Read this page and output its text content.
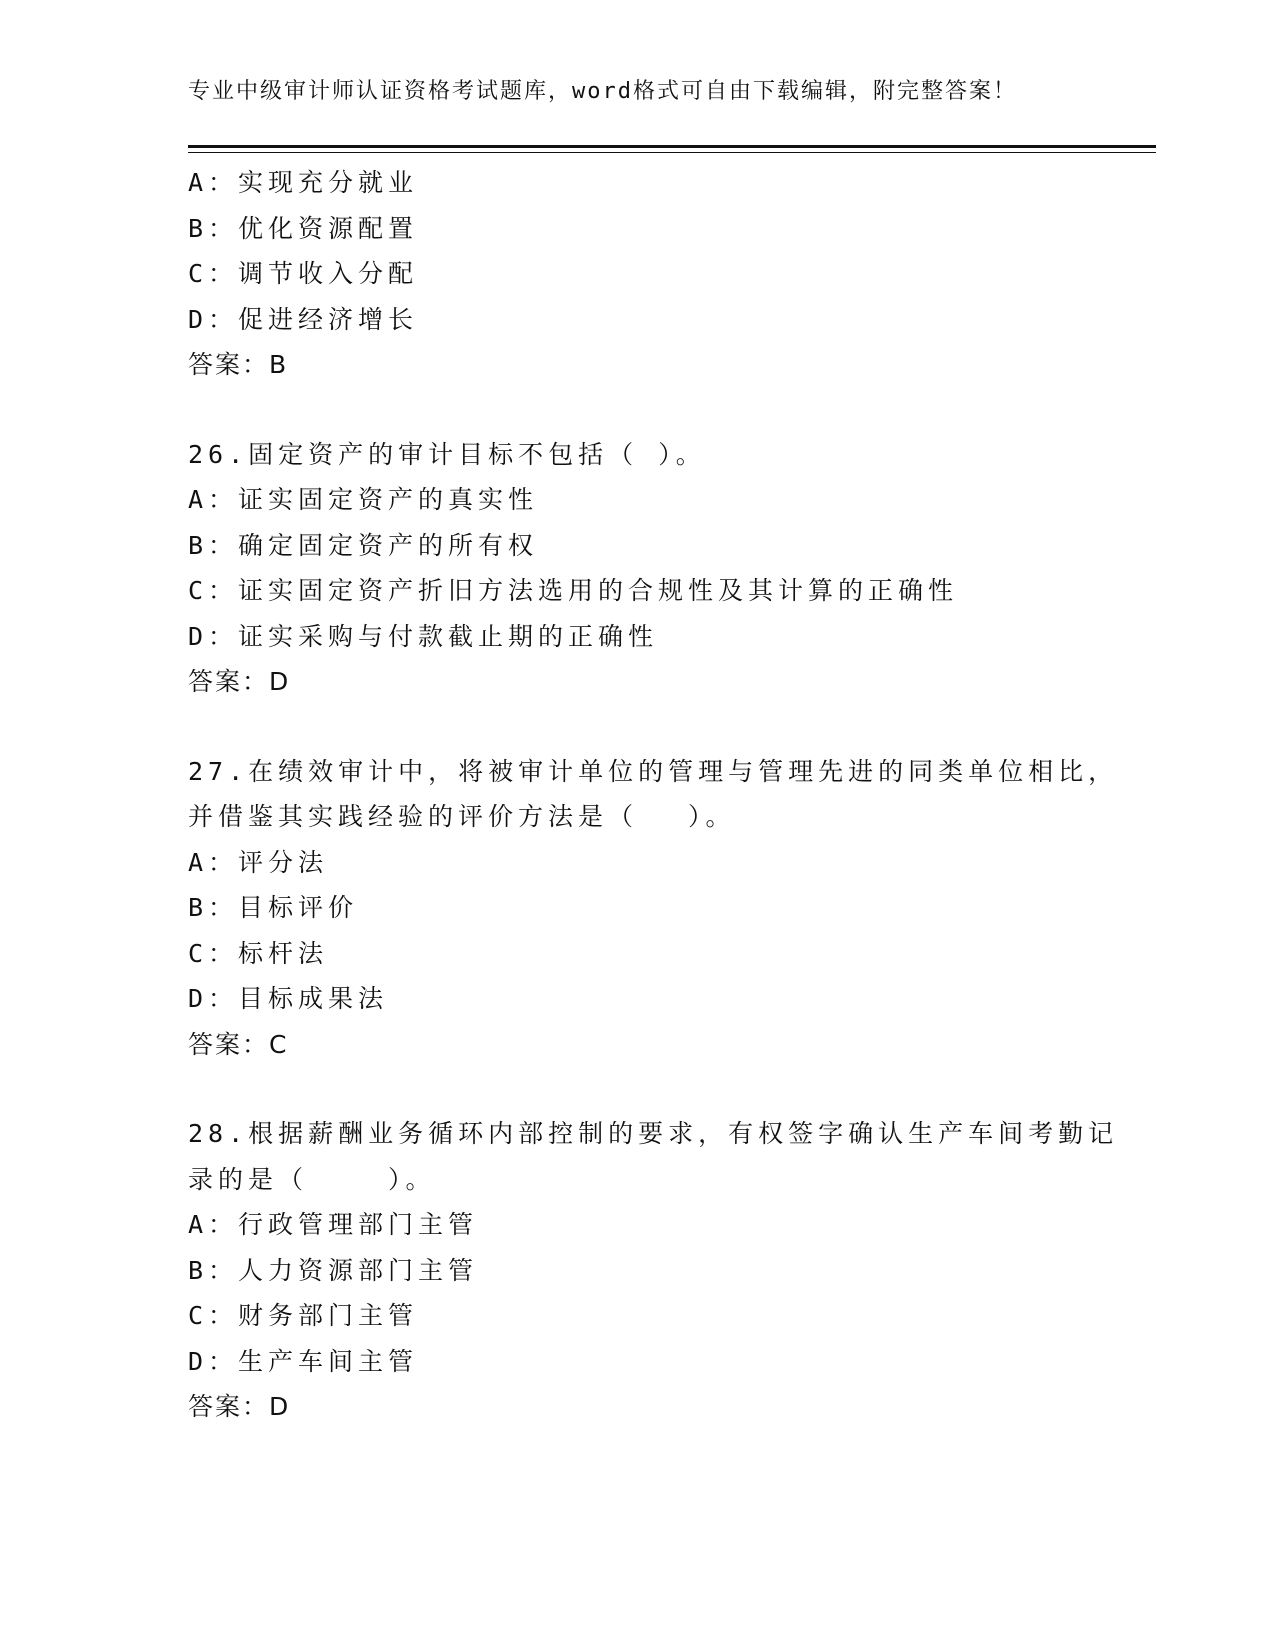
专业中级审计师认证资格考试题库，word格式可自由下载编辑，附完整答案！
A：实现充分就业
B：优化资源配置
C：调节收入分配
D：促进经济增长
答案：B
26.固定资产的审计目标不包括（ ）。
A：证实固定资产的真实性
B：确定固定资产的所有权
C：证实固定资产折旧方法选用的合规性及其计算的正确性
D：证实采购与付款截止期的正确性
答案：D
27.在绩效审计中，将被审计单位的管理与管理先进的同类单位相比，
并借鉴其实践经验的评价方法是（　 ）。
A：评分法
B：目标评价
C：标杆法
D：目标成果法
答案：C
28.根据薪酬业务循环内部控制的要求，有权签字确认生产车间考勤记
录的是（　　 ）。
A：行政管理部门主管
B：人力资源部门主管
C：财务部门主管
D：生产车间主管
答案：D
